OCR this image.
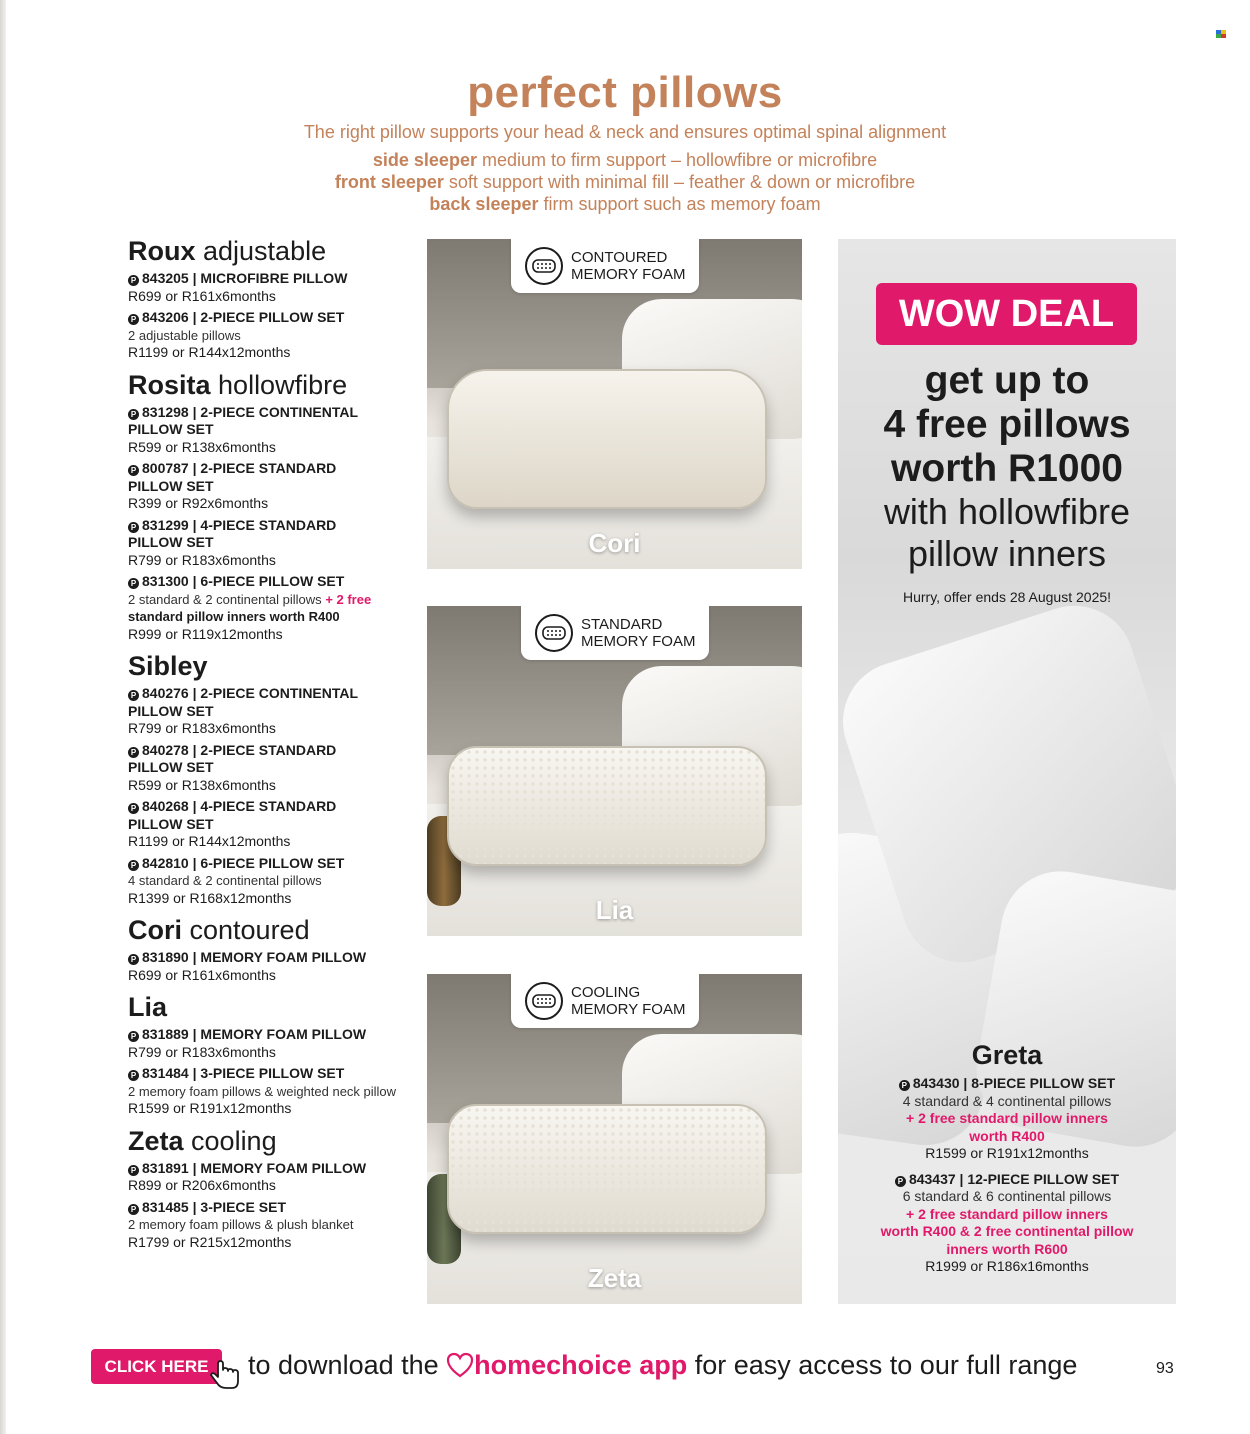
perfect pillows
The right pillow supports your head & neck and ensures optimal spinal alignment
side sleeper medium to firm support – hollowfibre or microfibre
front sleeper soft support with minimal fill – feather & down or microfibre
back sleeper firm support such as memory foam
Roux adjustable
P 843205 | MICROFIBRE PILLOW
R699 or R161x6months
P 843206 | 2-PIECE PILLOW SET
2 adjustable pillows
R1199 or R144x12months
Rosita hollowfibre
P 831298 | 2-PIECE CONTINENTAL
PILLOW SET
R599 or R138x6months
P 800787 | 2-PIECE STANDARD
PILLOW SET
R399 or R92x6months
P 831299 | 4-PIECE STANDARD
PILLOW SET
R799 or R183x6months
P 831300 | 6-PIECE PILLOW SET
2 standard & 2 continental pillows + 2 free
standard pillow inners worth R400
R999 or R119x12months
Sibley
P 840276 | 2-PIECE CONTINENTAL
PILLOW SET
R799 or R183x6months
P 840278 | 2-PIECE STANDARD
PILLOW SET
R599 or R138x6months
P 840268 | 4-PIECE STANDARD
PILLOW SET
R1199 or R144x12months
P 842810 | 6-PIECE PILLOW SET
4 standard & 2 continental pillows
R1399 or R168x12months
Cori contoured
P 831890 | MEMORY FOAM PILLOW
R699 or R161x6months
Lia
P 831889 | MEMORY FOAM PILLOW
R799 or R183x6months
P 831484 | 3-PIECE PILLOW SET
2 memory foam pillows & weighted neck pillow
R1599 or R191x12months
Zeta cooling
P 831891 | MEMORY FOAM PILLOW
R899 or R206x6months
P 831485 | 3-PIECE SET
2 memory foam pillows & plush blanket
R1799 or R215x12months
CONTOURED
MEMORY FOAM
Cori
STANDARD
MEMORY FOAM
Lia
COOLING
MEMORY FOAM
Zeta
WOW DEAL
get up to
4 free pillows
worth R1000
with hollowfibre
pillow inners
Hurry, offer ends 28 August 2025!
Greta
P 843430 | 8-PIECE PILLOW SET
4 standard & 4 continental pillows
+ 2 free standard pillow inners
worth R400
R1599 or R191x12months
P 843437 | 12-PIECE PILLOW SET
6 standard & 6 continental pillows
+ 2 free standard pillow inners
worth R400 & 2 free continental pillow
inners worth R600
R1999 or R186x16months
CLICK HERE	to download the homechoice app for easy access to our full range	93
